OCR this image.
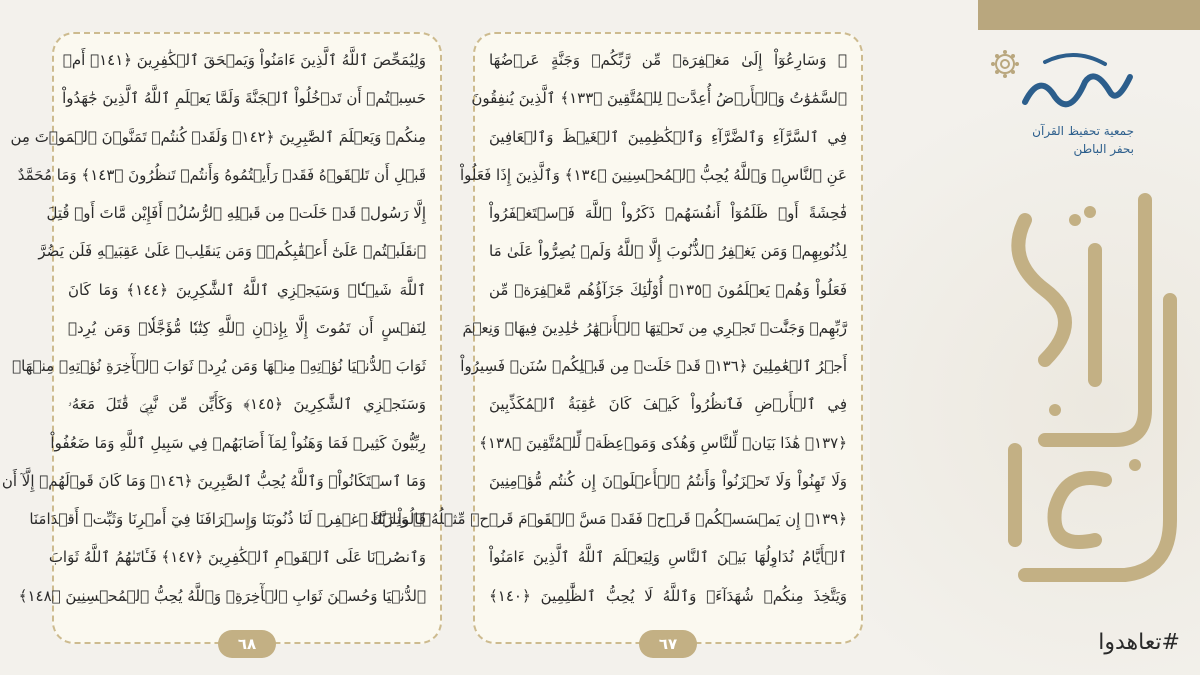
وَلِيُمَحِّصَ ٱللَّهُ ٱلَّذِينَ ءَامَنُواْ وَيَمۡحَقَ ٱلۡكَٰفِرِينَ ﴿١٤١﴾ أَمۡ
حَسِبۡتُمۡ أَن تَدۡخُلُواْ ٱلۡجَنَّةَ وَلَمَّا يَعۡلَمِ ٱللَّهُ ٱلَّذِينَ جَٰهَدُواْ
مِنكُمۡ وَيَعۡلَمَ ٱلصَّٰبِرِينَ ﴿١٤٢﴾ وَلَقَدۡ كُنتُمۡ تَمَنَّوۡنَ ٱلۡمَوۡتَ مِن
قَبۡلِ أَن تَلۡقَوۡهُ فَقَدۡ رَأَيۡتُمُوهُ وَأَنتُمۡ تَنظُرُونَ ﴿١٤٣﴾ وَمَا مُحَمَّدٌ
إِلَّا رَسُولٞ قَدۡ خَلَتۡ مِن قَبۡلِهِ ٱلرُّسُلُۚ أَفَإِيْن مَّاتَ أَوۡ قُتِلَ
ٱنقَلَبۡتُمۡ عَلَىٰٓ أَعۡقَٰبِكُمۡۚ وَمَن يَنقَلِبۡ عَلَىٰ عَقِبَيۡهِ فَلَن يَضُرَّ
ٱللَّهَ شَيۡـٔٗاۗ وَسَيَجۡزِي ٱللَّهُ ٱلشَّٰكِرِينَ ﴿١٤٤﴾ وَمَا كَانَ
لِنَفۡسٍ أَن تَمُوتَ إِلَّا بِإِذۡنِ ٱللَّهِ كِتَٰبٗا مُّؤَجَّلٗاۗ وَمَن يُرِدۡ
ثَوَابَ ٱلدُّنۡيَا نُؤۡتِهِۦ مِنۡهَا وَمَن يُرِدۡ ثَوَابَ ٱلۡأٓخِرَةِ نُؤۡتِهِۦ مِنۡهَاۚ
وَسَنَجۡزِي ٱلشَّٰكِرِينَ ﴿١٤٥﴾ وَكَأَيِّن مِّن نَّبِيّٖ قَٰتَلَ مَعَهُۥ
رِبِّيُّونَ كَثِيرٞ فَمَا وَهَنُواْ لِمَآ أَصَابَهُمۡ فِي سَبِيلِ ٱللَّهِ وَمَا ضَعُفُواْ
وَمَا ٱسۡتَكَانُواْۗ وَٱللَّهُ يُحِبُّ ٱلصَّٰبِرِينَ ﴿١٤٦﴾ وَمَا كَانَ قَوۡلَهُمۡ إِلَّآ أَن
قَالُواْ رَبَّنَا ٱغۡفِرۡ لَنَا ذُنُوبَنَا وَإِسۡرَافَنَا فِيٓ أَمۡرِنَا وَثَبِّتۡ أَقۡدَامَنَا
وَٱنصُرۡنَا عَلَى ٱلۡقَوۡمِ ٱلۡكَٰفِرِينَ ﴿١٤٧﴾ فَـَٔاتَىٰهُمُ ٱللَّهُ ثَوَابَ
ٱلدُّنۡيَا وَحُسۡنَ ثَوَابِ ٱلۡأٓخِرَةِۗ وَٱللَّهُ يُحِبُّ ٱلۡمُحۡسِنِينَ ﴿١٤٨﴾
٦٨
۞ وَسَارِعُوٓاْ إِلَىٰ مَغۡفِرَةٖ مِّن رَّبِّكُمۡ وَجَنَّةٍ عَرۡضُهَا
ٱلسَّمَٰوَٰتُ وَٱلۡأَرۡضُ أُعِدَّتۡ لِلۡمُتَّقِينَ ﴿١٣٣﴾ ٱلَّذِينَ يُنفِقُونَ
فِي ٱلسَّرَّآءِ وَٱلضَّرَّآءِ وَٱلۡكَٰظِمِينَ ٱلۡغَيۡظَ وَٱلۡعَافِينَ
عَنِ ٱلنَّاسِۗ وَٱللَّهُ يُحِبُّ ٱلۡمُحۡسِنِينَ ﴿١٣٤﴾ وَٱلَّذِينَ إِذَا فَعَلُواْ
فَٰحِشَةً أَوۡ ظَلَمُوٓاْ أَنفُسَهُمۡ ذَكَرُواْ ٱللَّهَ فَٱسۡتَغۡفَرُواْ
لِذُنُوبِهِمۡ وَمَن يَغۡفِرُ ٱلذُّنُوبَ إِلَّا ٱللَّهُ وَلَمۡ يُصِرُّواْ عَلَىٰ مَا
فَعَلُواْ وَهُمۡ يَعۡلَمُونَ ﴿١٣٥﴾ أُوْلَٰٓئِكَ جَزَآؤُهُم مَّغۡفِرَةٞ مِّن
رَّبِّهِمۡ وَجَنَّٰتٞ تَجۡرِي مِن تَحۡتِهَا ٱلۡأَنۡهَٰرُ خَٰلِدِينَ فِيهَاۚ وَنِعۡمَ
أَجۡرُ ٱلۡعَٰمِلِينَ ﴿١٣٦﴾ قَدۡ خَلَتۡ مِن قَبۡلِكُمۡ سُنَنٞ فَسِيرُواْ
فِي ٱلۡأَرۡضِ فَٱنظُرُواْ كَيۡفَ كَانَ عَٰقِبَةُ ٱلۡمُكَذِّبِينَ
﴿١٣٧﴾ هَٰذَا بَيَانٞ لِّلنَّاسِ وَهُدٗى وَمَوۡعِظَةٞ لِّلۡمُتَّقِينَ ﴿١٣٨﴾
وَلَا تَهِنُواْ وَلَا تَحۡزَنُواْ وَأَنتُمُ ٱلۡأَعۡلَوۡنَ إِن كُنتُم مُّؤۡمِنِينَ
﴿١٣٩﴾ إِن يَمۡسَسۡكُمۡ قَرۡحٞ فَقَدۡ مَسَّ ٱلۡقَوۡمَ قَرۡحٞ مِّثۡلُهُۥۚ وَتِلۡكَ
ٱلۡأَيَّامُ نُدَاوِلُهَا بَيۡنَ ٱلنَّاسِ وَلِيَعۡلَمَ ٱللَّهُ ٱلَّذِينَ ءَامَنُواْ
وَيَتَّخِذَ مِنكُمۡ شُهَدَآءَۗ وَٱللَّهُ لَا يُحِبُّ ٱلظَّٰلِمِينَ ﴿١٤٠﴾
٦٧
جمعية تحفيظ القرآن
بحفر الباطن
تعاهدوا
#تعاهدوا
